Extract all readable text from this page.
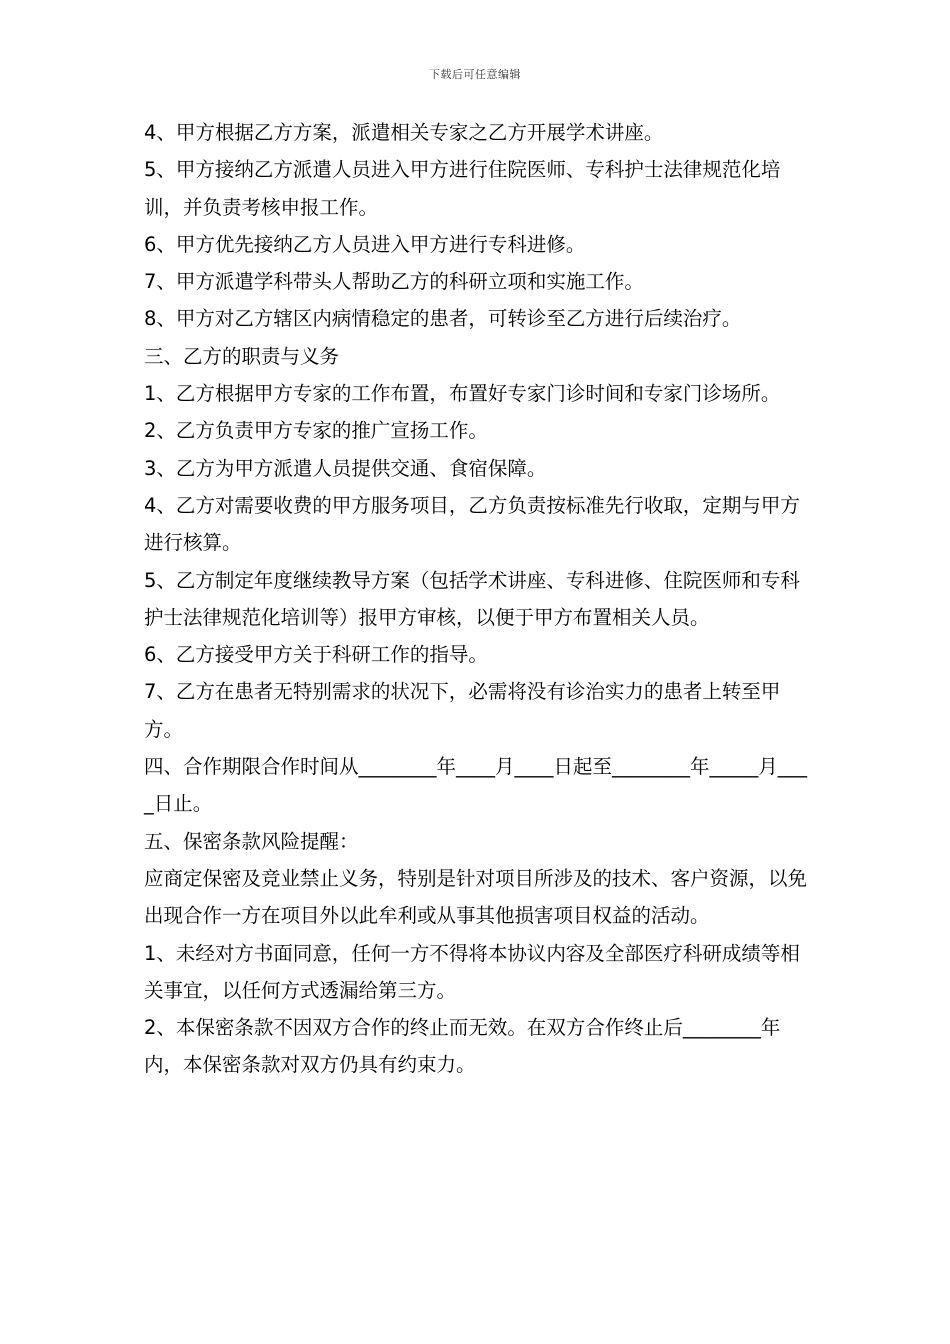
下载后可任意编辑

4、甲方根据乙方方案，派遣相关专家之乙方开展学术讲座。

5、甲方接纳乙方派遣人员进入甲方进行住院医师、专科护士法律规范化培训，并负责考核申报工作。

6、甲方优先接纳乙方人员进入甲方进行专科进修。

7、甲方派遣学科带头人帮助乙方的科研立项和实施工作。

8、甲方对乙方辖区内病情稳定的患者，可转诊至乙方进行后续治疗。

三、乙方的职责与义务

1、乙方根据甲方专家的工作布置，布置好专家门诊时间和专家门诊场所。

2、乙方负责甲方专家的推广宣扬工作。

3、乙方为甲方派遣人员提供交通、食宿保障。

4、乙方对需要收费的甲方服务项目，乙方负责按标准先行收取，定期与甲方进行核算。

5、乙方制定年度继续教导方案（包括学术讲座、专科进修、住院医师和专科护士法律规范化培训等）报甲方审核，以便于甲方布置相关人员。

6、乙方接受甲方关于科研工作的指导。

7、乙方在患者无特别需求的状况下，必需将没有诊治实力的患者上转至甲方。

四、合作期限合作时间从________年____月____日起至________年_____月____日止。

五、保密条款风险提醒：

应商定保密及竞业禁止义务，特别是针对项目所涉及的技术、客户资源，以免出现合作一方在项目外以此牟利或从事其他损害项目权益的活动。

1、未经对方书面同意，任何一方不得将本协议内容及全部医疗科研成绩等相关事宜，以任何方式透漏给第三方。

2、本保密条款不因双方合作的终止而无效。在双方合作终止后________年内，本保密条款对双方仍具有约束力。
